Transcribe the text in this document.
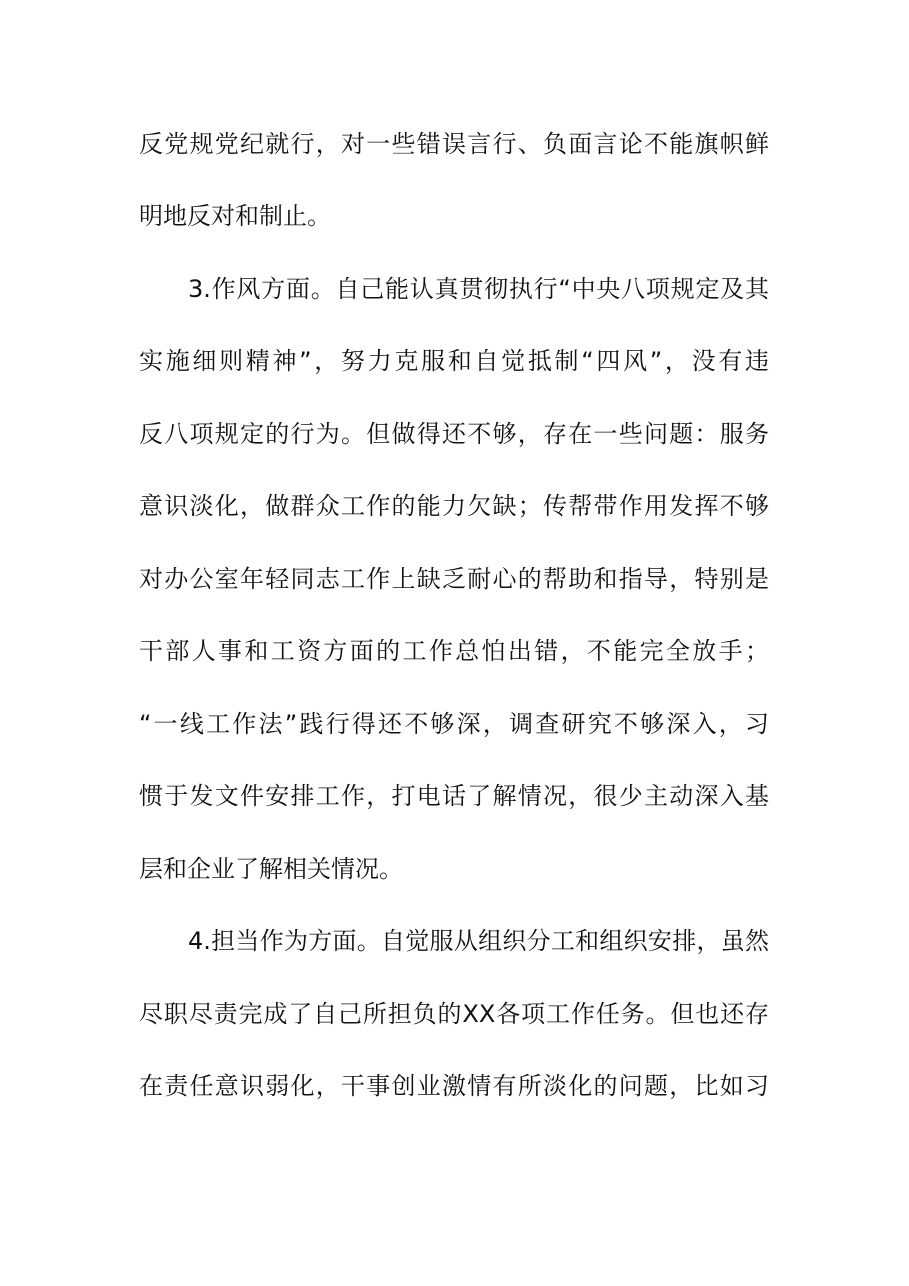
反党规党纪就行，对一些错误言行、负面言论不能旗帜鲜
明地反对和制止。
3.作风方面。自己能认真贯彻执行“中央八项规定及其
实施细则精神”，努力克服和自觉抵制“四风”，没有违
反八项规定的行为。但做得还不够，存在一些问题：服务
意识淡化，做群众工作的能力欠缺；传帮带作用发挥不够
对办公室年轻同志工作上缺乏耐心的帮助和指导，特别是
干部人事和工资方面的工作总怕出错，不能完全放手；
“一线工作法”践行得还不够深，调查研究不够深入，习
惯于发文件安排工作，打电话了解情况，很少主动深入基
层和企业了解相关情况。
4.担当作为方面。自觉服从组织分工和组织安排，虽然
尽职尽责完成了自己所担负的XX各项工作任务。但也还存
在责任意识弱化，干事创业激情有所淡化的问题，比如习
